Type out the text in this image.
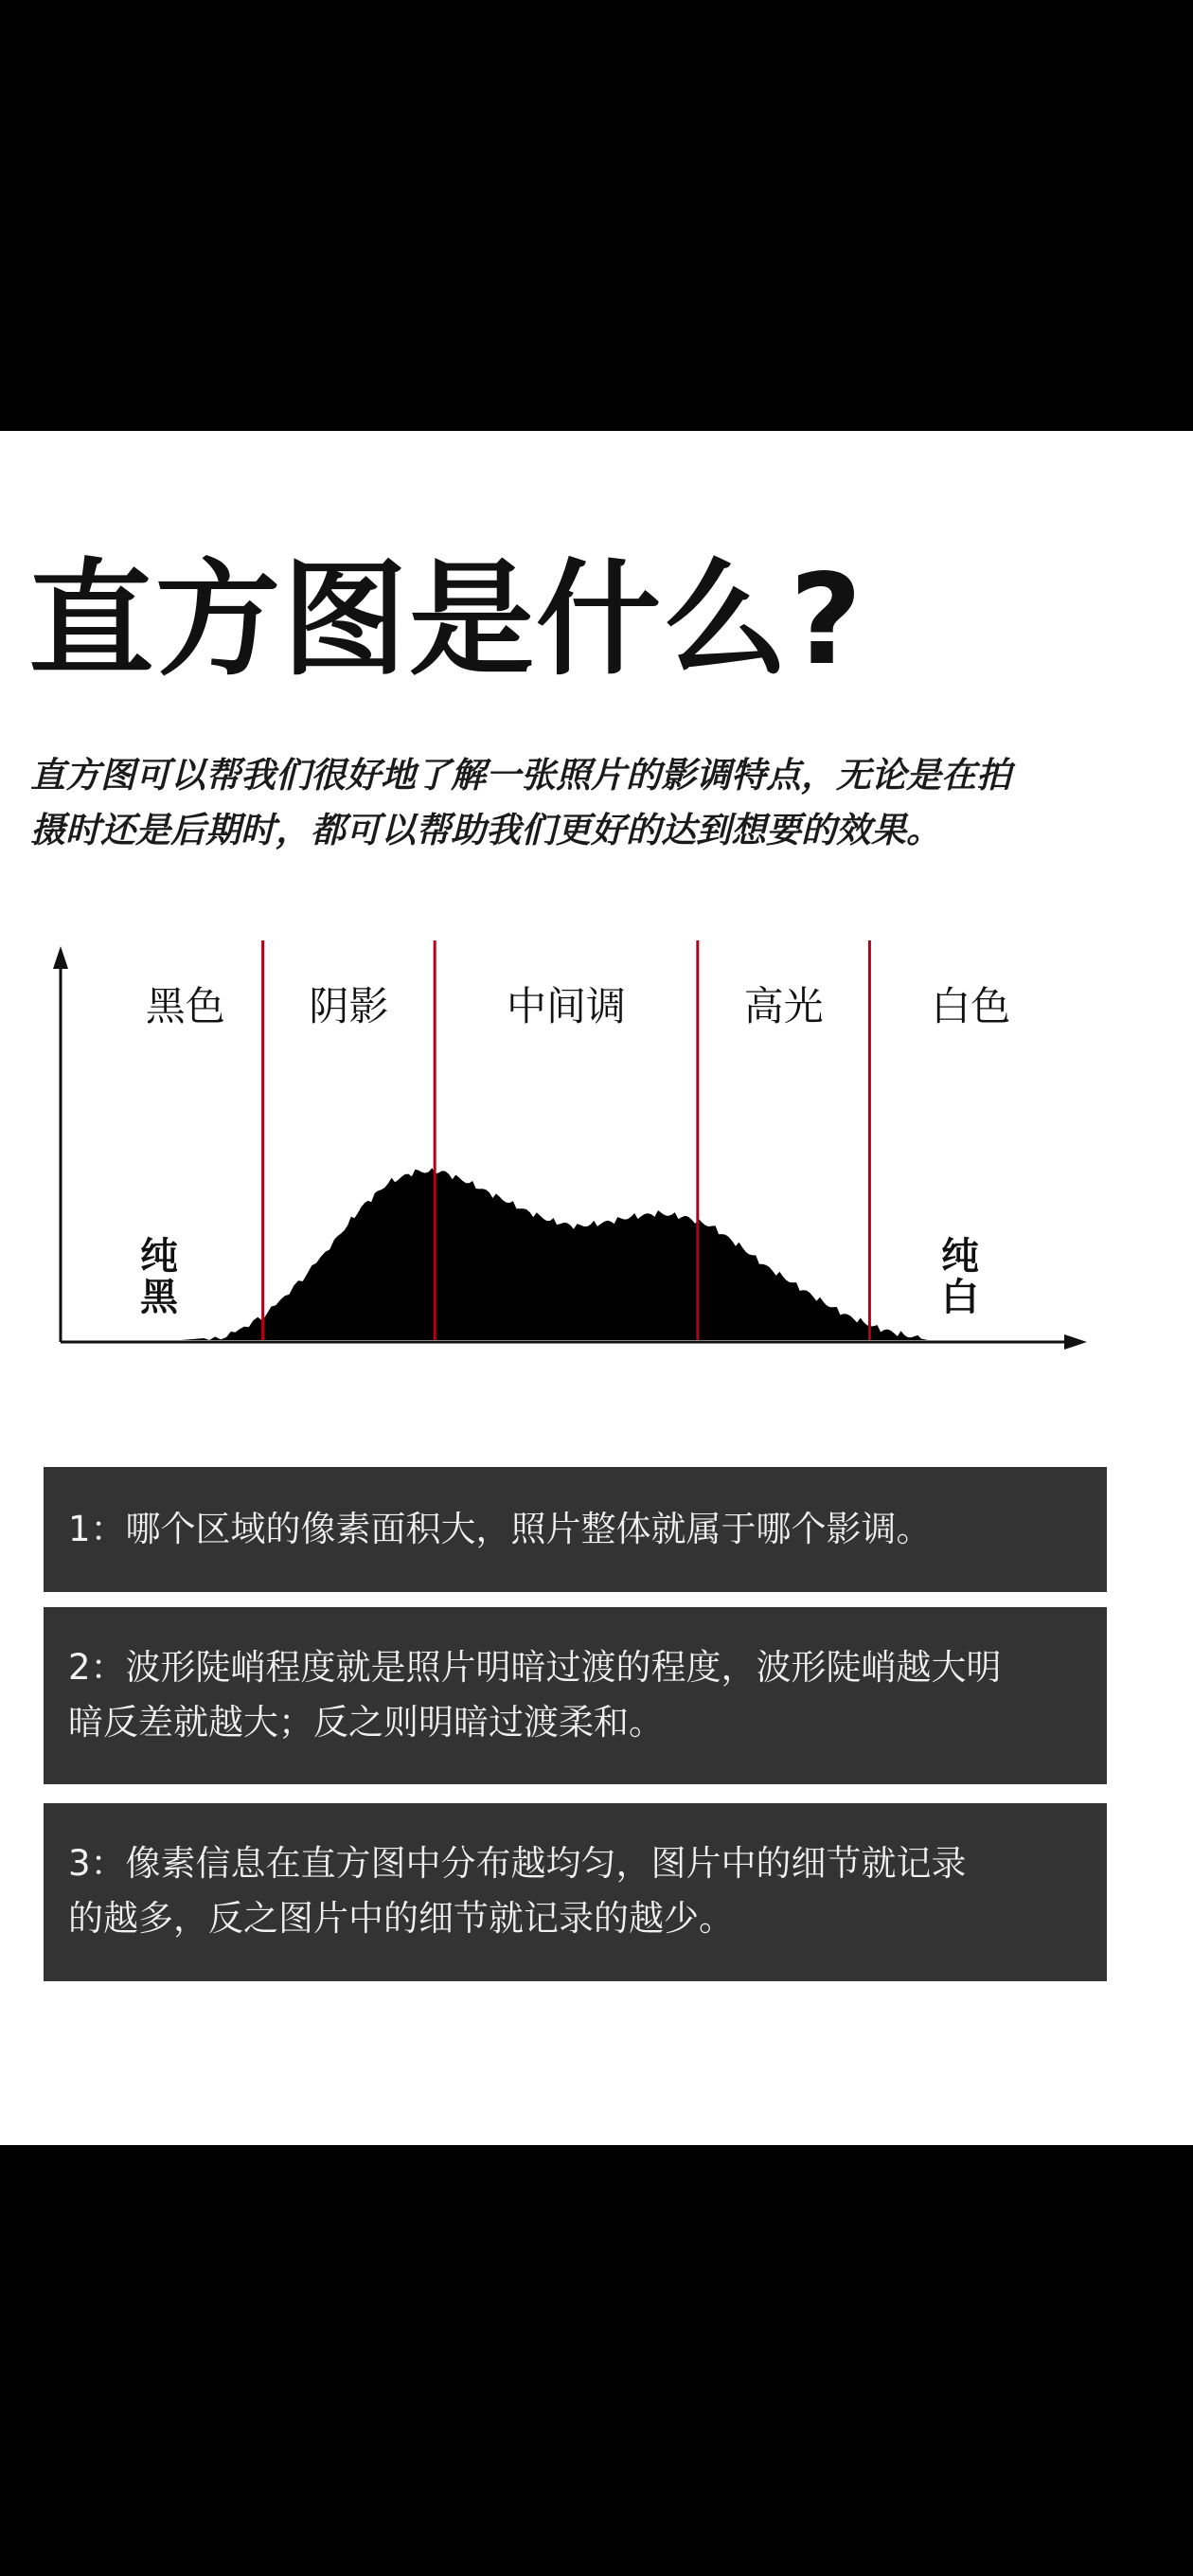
直方图是什么?

直方图可以帮我们很好地了解一张照片的影调特点，无论是在拍

摄时还是后期时，都可以帮助我们更好的达到想要的效果。

黑色 阴影	中间调	高光	白色
纯
黑
纯
白
1：哪个区域的像素面积大，照片整体就属于哪个影调。
2：波形陡峭程度就是照片明暗过渡的程度，波形陡峭越大明
暗反差就越大；反之则明暗过渡柔和。
3：像素信息在直方图中分布越均匀，图片中的细节就记录
的越多，反之图片中的细节就记录的越少。
